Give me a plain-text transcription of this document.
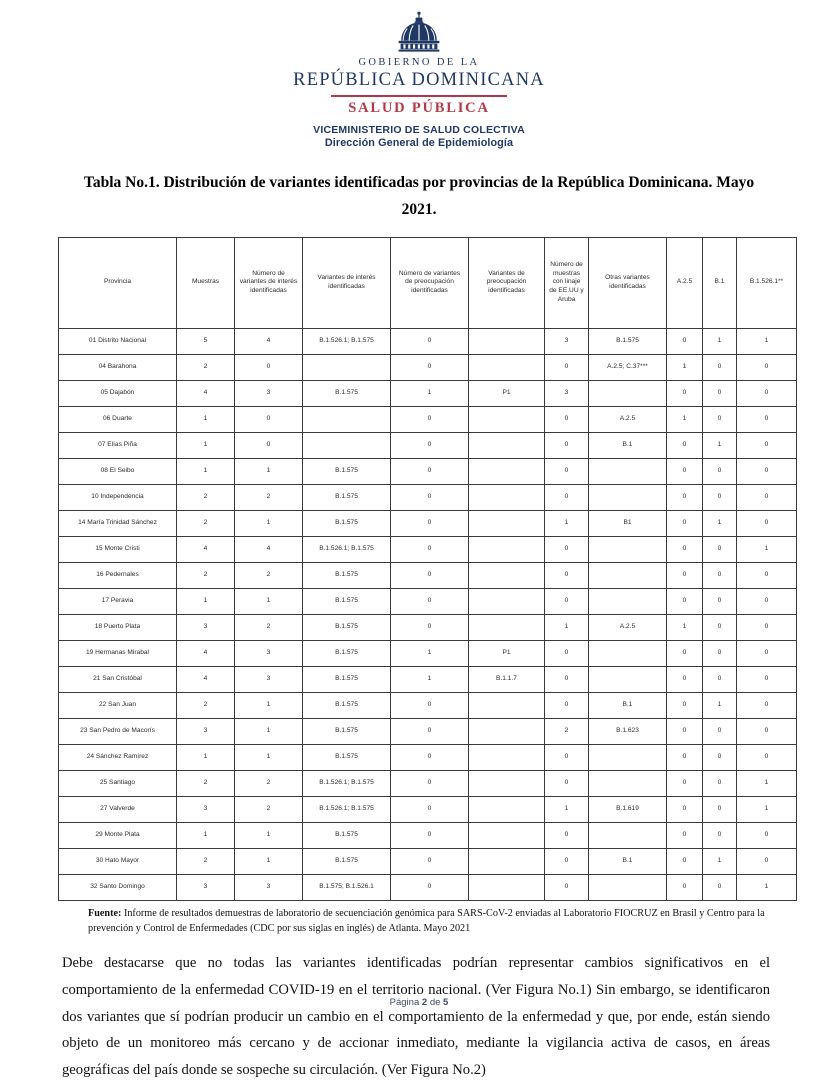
GOBIERNO DE LA
REPÚBLICA DOMINICANA
SALUD PÚBLICA
VICEMINISTERIO DE SALUD COLECTIVA
Dirección General de Epidemiología
Tabla No.1. Distribución de variantes identificadas por provincias de la República Dominicana. Mayo 2021.
Provincia	Muestras	Número de variantes de interés identificadas	Variantes de interés identificadas	Número de variantes de preocupación identificadas	Variantes de preocupación identificadas	Número de muestras con linaje de EE.UU y Aruba	Otras variantes identificadas	A.2.5	B.1	B.1.526.1**
01 Distrito Nacional	5	4	B.1.526.1; B.1.575	0		3	B.1.575	0	1	1
04 Barahona	2	0		0		0	A.2.5; C.37***	1	0	0
05 Dajabón	4	3	B.1.575	1	P1	3		0	0	0
06 Duarte	1	0		0		0	A.2.5	1	0	0
07 Elías Piña	1	0		0		0	B.1	0	1	0
08 El Seibo	1	1	B.1.575	0		0		0	0	0
10 Independencia	2	2	B.1.575	0		0		0	0	0
14 María Trinidad Sánchez	2	1	B.1.575	0		1	B1	0	1	0
15 Monte Cristi	4	4	B.1.526.1; B.1.575	0		0		0	0	1
16 Pedernales	2	2	B.1.575	0		0		0	0	0
17 Peravia	1	1	B.1.575	0		0		0	0	0
18 Puerto Plata	3	2	B.1.575	0		1	A.2.5	1	0	0
19 Hermanas Mirabal	4	3	B.1.575	1	P1	0		0	0	0
21 San Cristóbal	4	3	B.1.575	1	B.1.1.7	0		0	0	0
22 San Juan	2	1	B.1.575	0		0	B.1	0	1	0
23 San Pedro de Macorís	3	1	B.1.575	0		2	B.1.623	0	0	0
24 Sánchez Ramírez	1	1	B.1.575	0		0		0	0	0
25 Santiago	2	2	B.1.526.1; B.1.575	0		0		0	0	1
27 Valverde	3	2	B.1.526.1; B.1.575	0		1	B.1.619	0	0	1
29 Monte Plata	1	1	B.1.575	0		0		0	0	0
30 Hato Mayor	2	1	B.1.575	0		0	B.1	0	1	0
32 Santo Domingo	3	3	B.1.575; B.1.526.1	0		0		0	0	1
Fuente: Informe de resultados demuestras de laboratorio de secuenciación genómica para SARS-CoV-2 enviadas al Laboratorio FIOCRUZ en Brasil y Centro para la prevención y Control de Enfermedades (CDC por sus siglas en inglés) de Atlanta. Mayo 2021

Debe destacarse que no todas las variantes identificadas podrían representar cambios significativos en el comportamiento de la enfermedad COVID-19 en el territorio nacional. (Ver Figura No.1) Sin embargo, se identificaron dos variantes que sí podrían producir un cambio en el comportamiento de la enfermedad y que, por ende, están siendo objeto de un monitoreo más cercano y de accionar inmediato, mediante la vigilancia activa de casos, en áreas geográficas del país donde se sospeche su circulación. (Ver Figura No.2)

Página 2 de 5
